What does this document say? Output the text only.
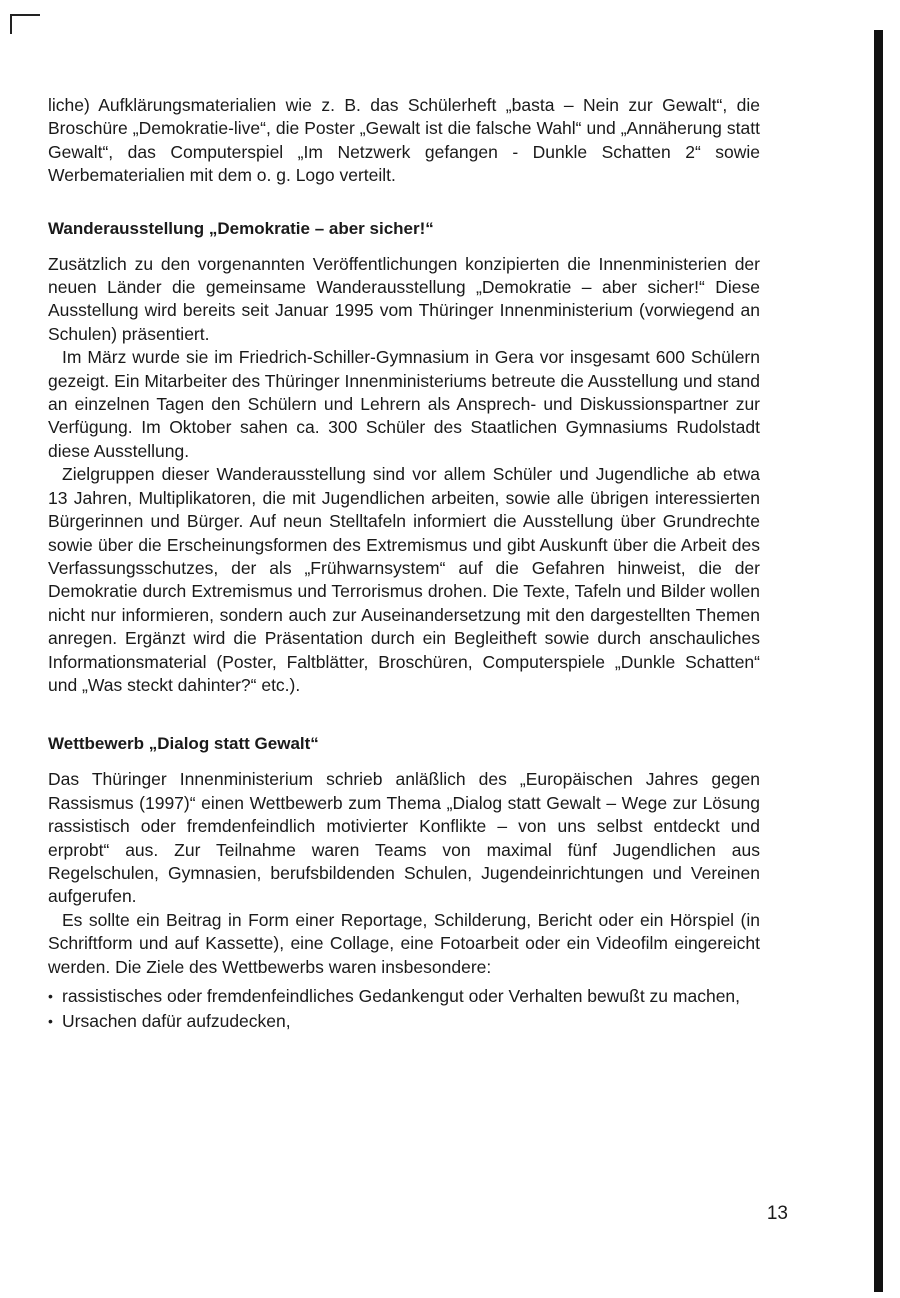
liche) Aufklärungsmaterialien wie z. B. das Schülerheft „basta – Nein zur Gewalt“, die Broschüre „Demokratie-live“, die Poster „Gewalt ist die falsche Wahl“ und „Annäherung statt Gewalt“, das Computerspiel „Im Netzwerk gefangen - Dunkle Schatten 2“ sowie Werbematerialien mit dem o. g. Logo verteilt.

Wanderausstellung „Demokratie – aber sicher!“

Zusätzlich zu den vorgenannten Veröffentlichungen konzipierten die Innenministerien der neuen Länder die gemeinsame Wanderausstellung „Demokratie – aber sicher!“ Diese Ausstellung wird bereits seit Januar 1995 vom Thüringer Innenministerium (vorwiegend an Schulen) präsentiert.

Im März wurde sie im Friedrich-Schiller-Gymnasium in Gera vor insgesamt 600 Schülern gezeigt. Ein Mitarbeiter des Thüringer Innenministeriums betreute die Ausstellung und stand an einzelnen Tagen den Schülern und Lehrern als Ansprech- und Diskussionspartner zur Verfügung. Im Oktober sahen ca. 300 Schüler des Staatlichen Gymnasiums Rudolstadt diese Ausstellung.

Zielgruppen dieser Wanderausstellung sind vor allem Schüler und Jugendliche ab etwa 13 Jahren, Multiplikatoren, die mit Jugendlichen arbeiten, sowie alle übrigen interessierten Bürgerinnen und Bürger. Auf neun Stelltafeln informiert die Ausstellung über Grundrechte sowie über die Erscheinungsformen des Extremismus und gibt Auskunft über die Arbeit des Verfassungsschutzes, der als „Frühwarnsystem“ auf die Gefahren hinweist, die der Demokratie durch Extremismus und Terrorismus drohen. Die Texte, Tafeln und Bilder wollen nicht nur informieren, sondern auch zur Auseinandersetzung mit den dargestellten Themen anregen. Ergänzt wird die Präsentation durch ein Begleitheft sowie durch anschauliches Informationsmaterial (Poster, Faltblätter, Broschüren, Computerspiele „Dunkle Schatten“ und „Was steckt dahinter?“ etc.).

Wettbewerb „Dialog statt Gewalt“

Das Thüringer Innenministerium schrieb anläßlich des „Europäischen Jahres gegen Rassismus (1997)“ einen Wettbewerb zum Thema „Dialog statt Gewalt – Wege zur Lösung rassistisch oder fremdenfeindlich motivierter Konflikte – von uns selbst entdeckt und erprobt“ aus. Zur Teilnahme waren Teams von maximal fünf Jugendlichen aus Regelschulen, Gymnasien, berufsbildenden Schulen, Jugendeinrichtungen und Vereinen aufgerufen.

Es sollte ein Beitrag in Form einer Reportage, Schilderung, Bericht oder ein Hörspiel (in Schriftform und auf Kassette), eine Collage, eine Fotoarbeit oder ein Videofilm eingereicht werden. Die Ziele des Wettbewerbs waren insbesondere:

• rassistisches oder fremdenfeindliches Gedankengut oder Verhalten bewußt zu machen,
• Ursachen dafür aufzudecken,
13
